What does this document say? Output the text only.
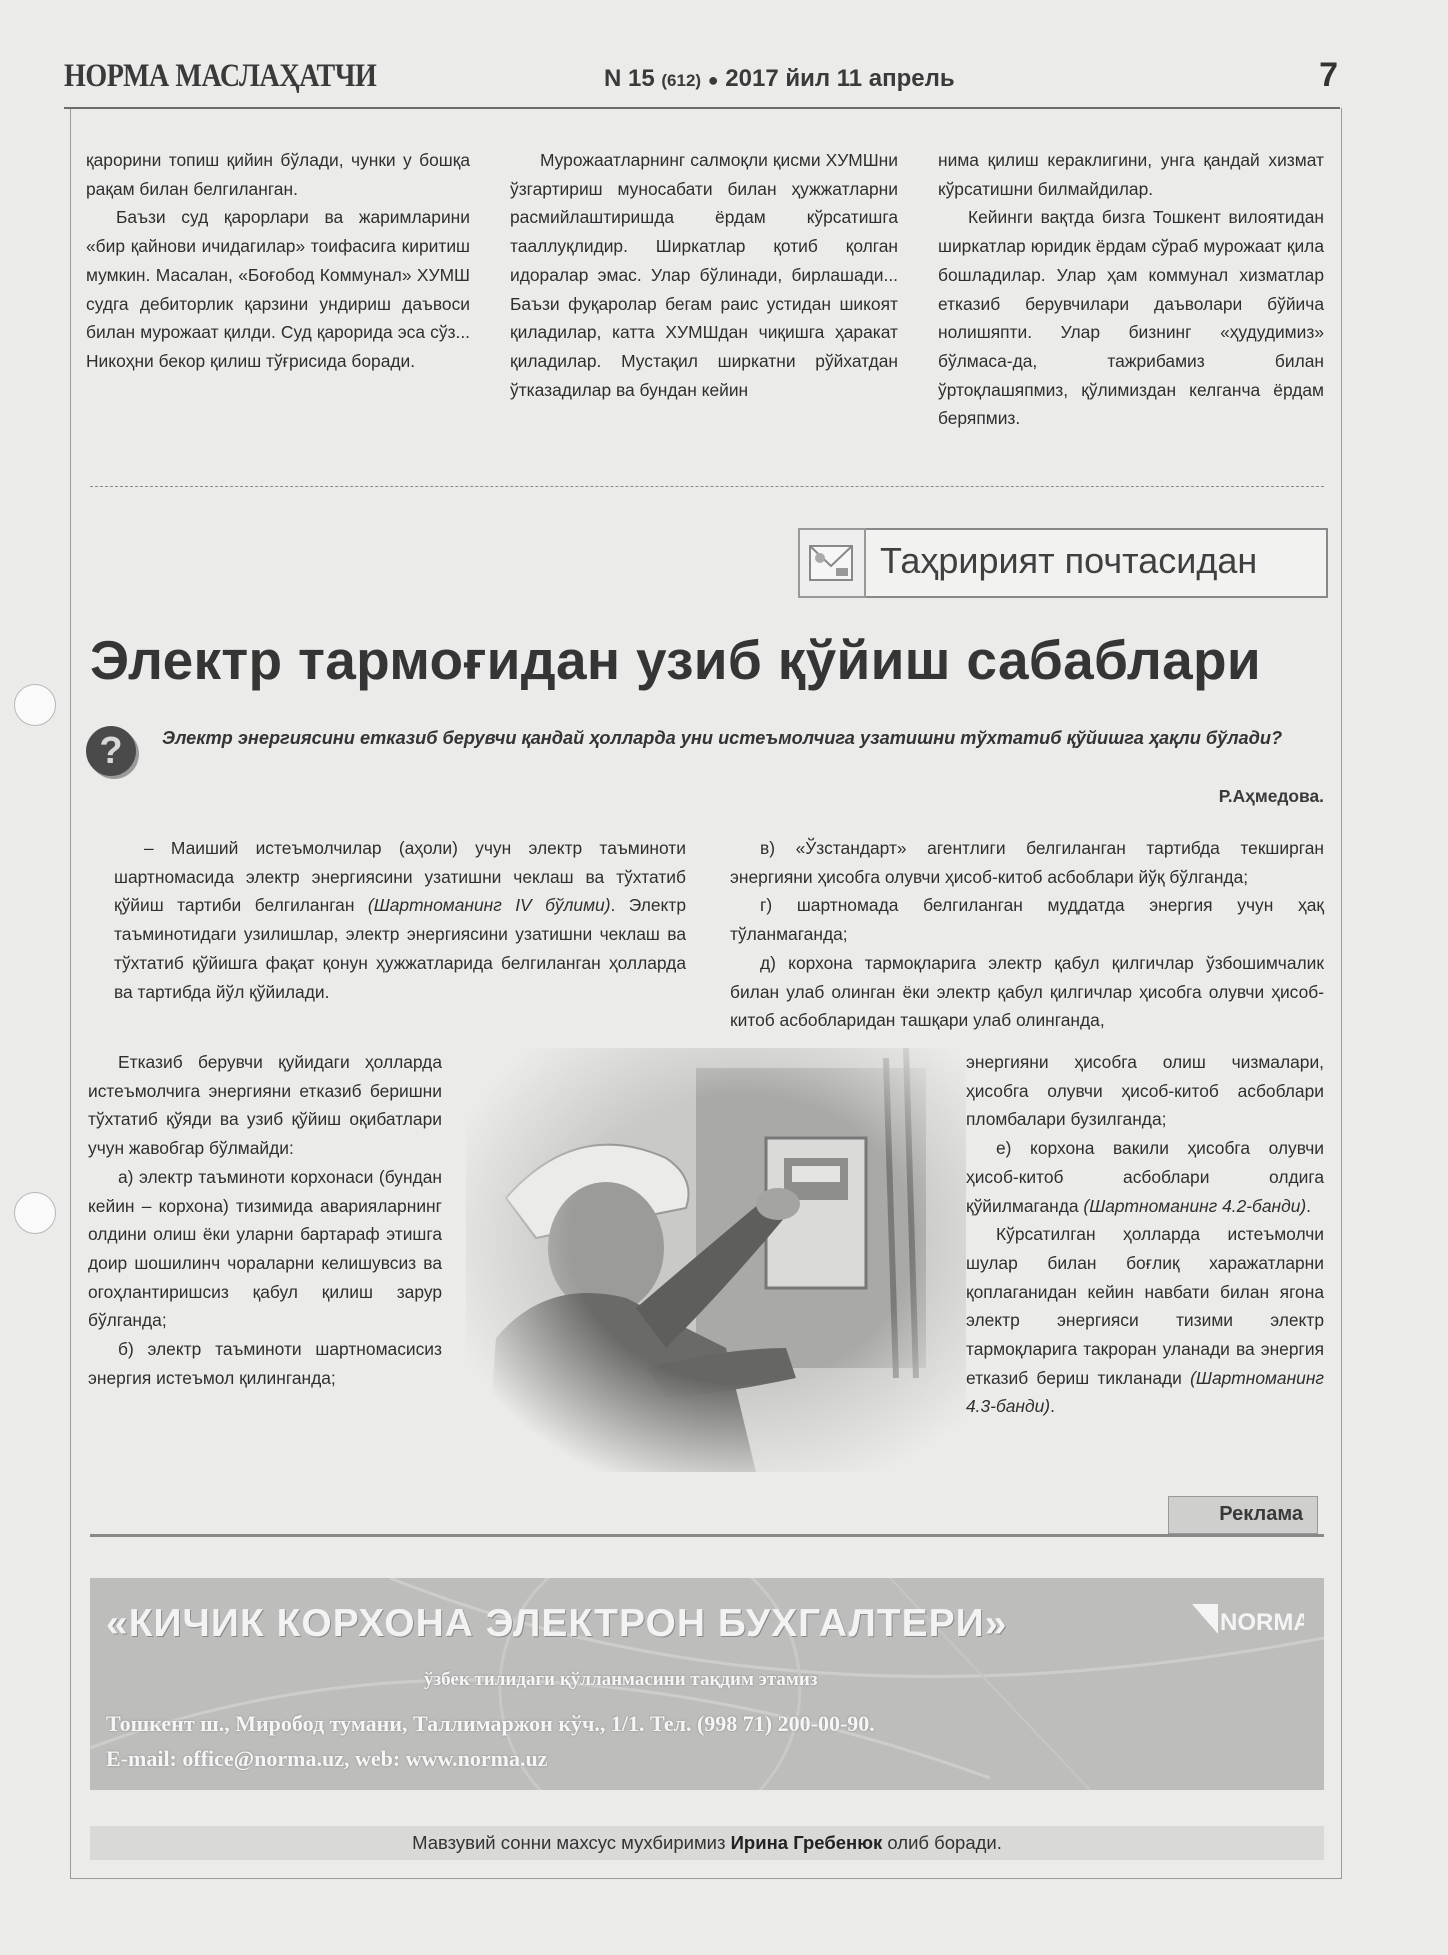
НОРМА МАСЛАҲАТЧИ	N 15 (612) ● 2017 йил 11 апрель	7

қарорини топиш қийин бўлади, чунки у бошқа рақам билан белгиланган.

Баъзи суд қарорлари ва жаримларини «бир қайнови ичидагилар» тоифасига киритиш мумкин. Масалан, «Боғобод Коммунал» ХУМШ судга дебиторлик қарзини ундириш даъвоси билан мурожаат қилди. Суд қарорида эса сўз... Никоҳни бекор қилиш тўғрисида боради.

Мурожаатларнинг салмоқли қисми ХУМШни ўзгартириш муносабати билан ҳужжатларни расмийлаштиришда ёрдам кўрсатишга тааллуқлидир. Ширкатлар қотиб қолган идоралар эмас. Улар бўлинади, бирлашади... Баъзи фуқаролар бегам раис устидан шикоят қиладилар, катта ХУМШдан чиқишга ҳаракат қиладилар. Мустақил ширкатни рўйхатдан ўтказадилар ва бундан кейин

нима қилиш кераклигини, унга қандай хизмат кўрсатишни билмайдилар.

Кейинги вақтда бизга Тошкент вилоятидан ширкатлар юридик ёрдам сўраб мурожаат қила бошладилар. Улар ҳам коммунал хизматлар етказиб берувчилари даъволари бўйича нолишяпти. Улар бизнинг «ҳудудимиз» бўлмаса-да, тажрибамиз билан ўртоқлашяпмиз, қўлимиздан келганча ёрдам беряпмиз.

Таҳририят почтасидан
Электр тармоғидан узиб қўйиш сабаблари
?	Электр энергиясини етказиб берувчи қандай ҳолларда уни истеъмолчига узатишни тўхтатиб қўйишга ҳақли бўлади?
Р.Аҳмедова.

– Маиший истеъмолчилар (аҳоли) учун электр таъминоти шартномасида электр энергиясини узатишни чеклаш ва тўхтатиб қўйиш тартиби белгиланган (Шартноманинг IV бўлими). Электр таъминотидаги узилишлар, электр энергиясини узатишни чеклаш ва тўхтатиб қўйишга фақат қонун ҳужжатларида белгиланган ҳолларда ва тартибда йўл қўйилади.

Етказиб берувчи қуйидаги ҳолларда истеъмолчига энергияни етказиб беришни тўхтатиб қўяди ва узиб қўйиш оқибатлари учун жавобгар бўлмайди:

а) электр таъминоти корхонаси (бундан кейин – корхона) тизимида аварияларнинг олдини олиш ёки уларни бартараф этишга доир шошилинч чораларни келишувсиз ва огоҳлантиришсиз қабул қилиш зарур бўлганда;

б) электр таъминоти шартномасисиз энергия истеъмол қилинганда;

в) «Ўзстандарт» агентлиги белгиланган тартибда текширган энергияни ҳисобга олувчи ҳисоб-китоб асбоблари йўқ бўлганда;

г) шартномада белгиланган муддатда энергия учун ҳақ тўланмаганда;

д) корхона тармоқларига электр қабул қилгичлар ўзбошимчалик билан улаб олинган ёки электр қабул қилгичлар ҳисобга олувчи ҳисоб-китоб асбобларидан ташқари улаб олинганда,

энергияни ҳисобга олиш чизмалари, ҳисобга олувчи ҳисоб-китоб асбоблари пломбалари бузилганда;

е) корхона вакили ҳисобга олувчи ҳисоб-китоб асбоблари олдига қўйилмаганда (Шартноманинг 4.2-банди).

Кўрсатилган ҳолларда истеъмолчи шулар билан боғлиқ харажатларни қоплагани​дан кейин навбати билан ягона электр энергияси тизими электр тармоқларига такроран уланади ва энергия етказиб бериш тикланади (Шартноманинг 4.3-банди).

Реклама
«КИЧИК КОРХОНА ЭЛЕКТРОН БУХГАЛТЕРИ»	NORMA
ўзбек тилидаги қўлланмасини тақдим этамиз
Тошкент ш., Миробод тумани, Таллимаржон кўч., 1/1. Тел. (998 71) 200-00-90.
E-mail: office@norma.uz, web: www.norma.uz
Мавзувий сонни махсус мухбиримиз Ирина Гребенюк олиб боради.
